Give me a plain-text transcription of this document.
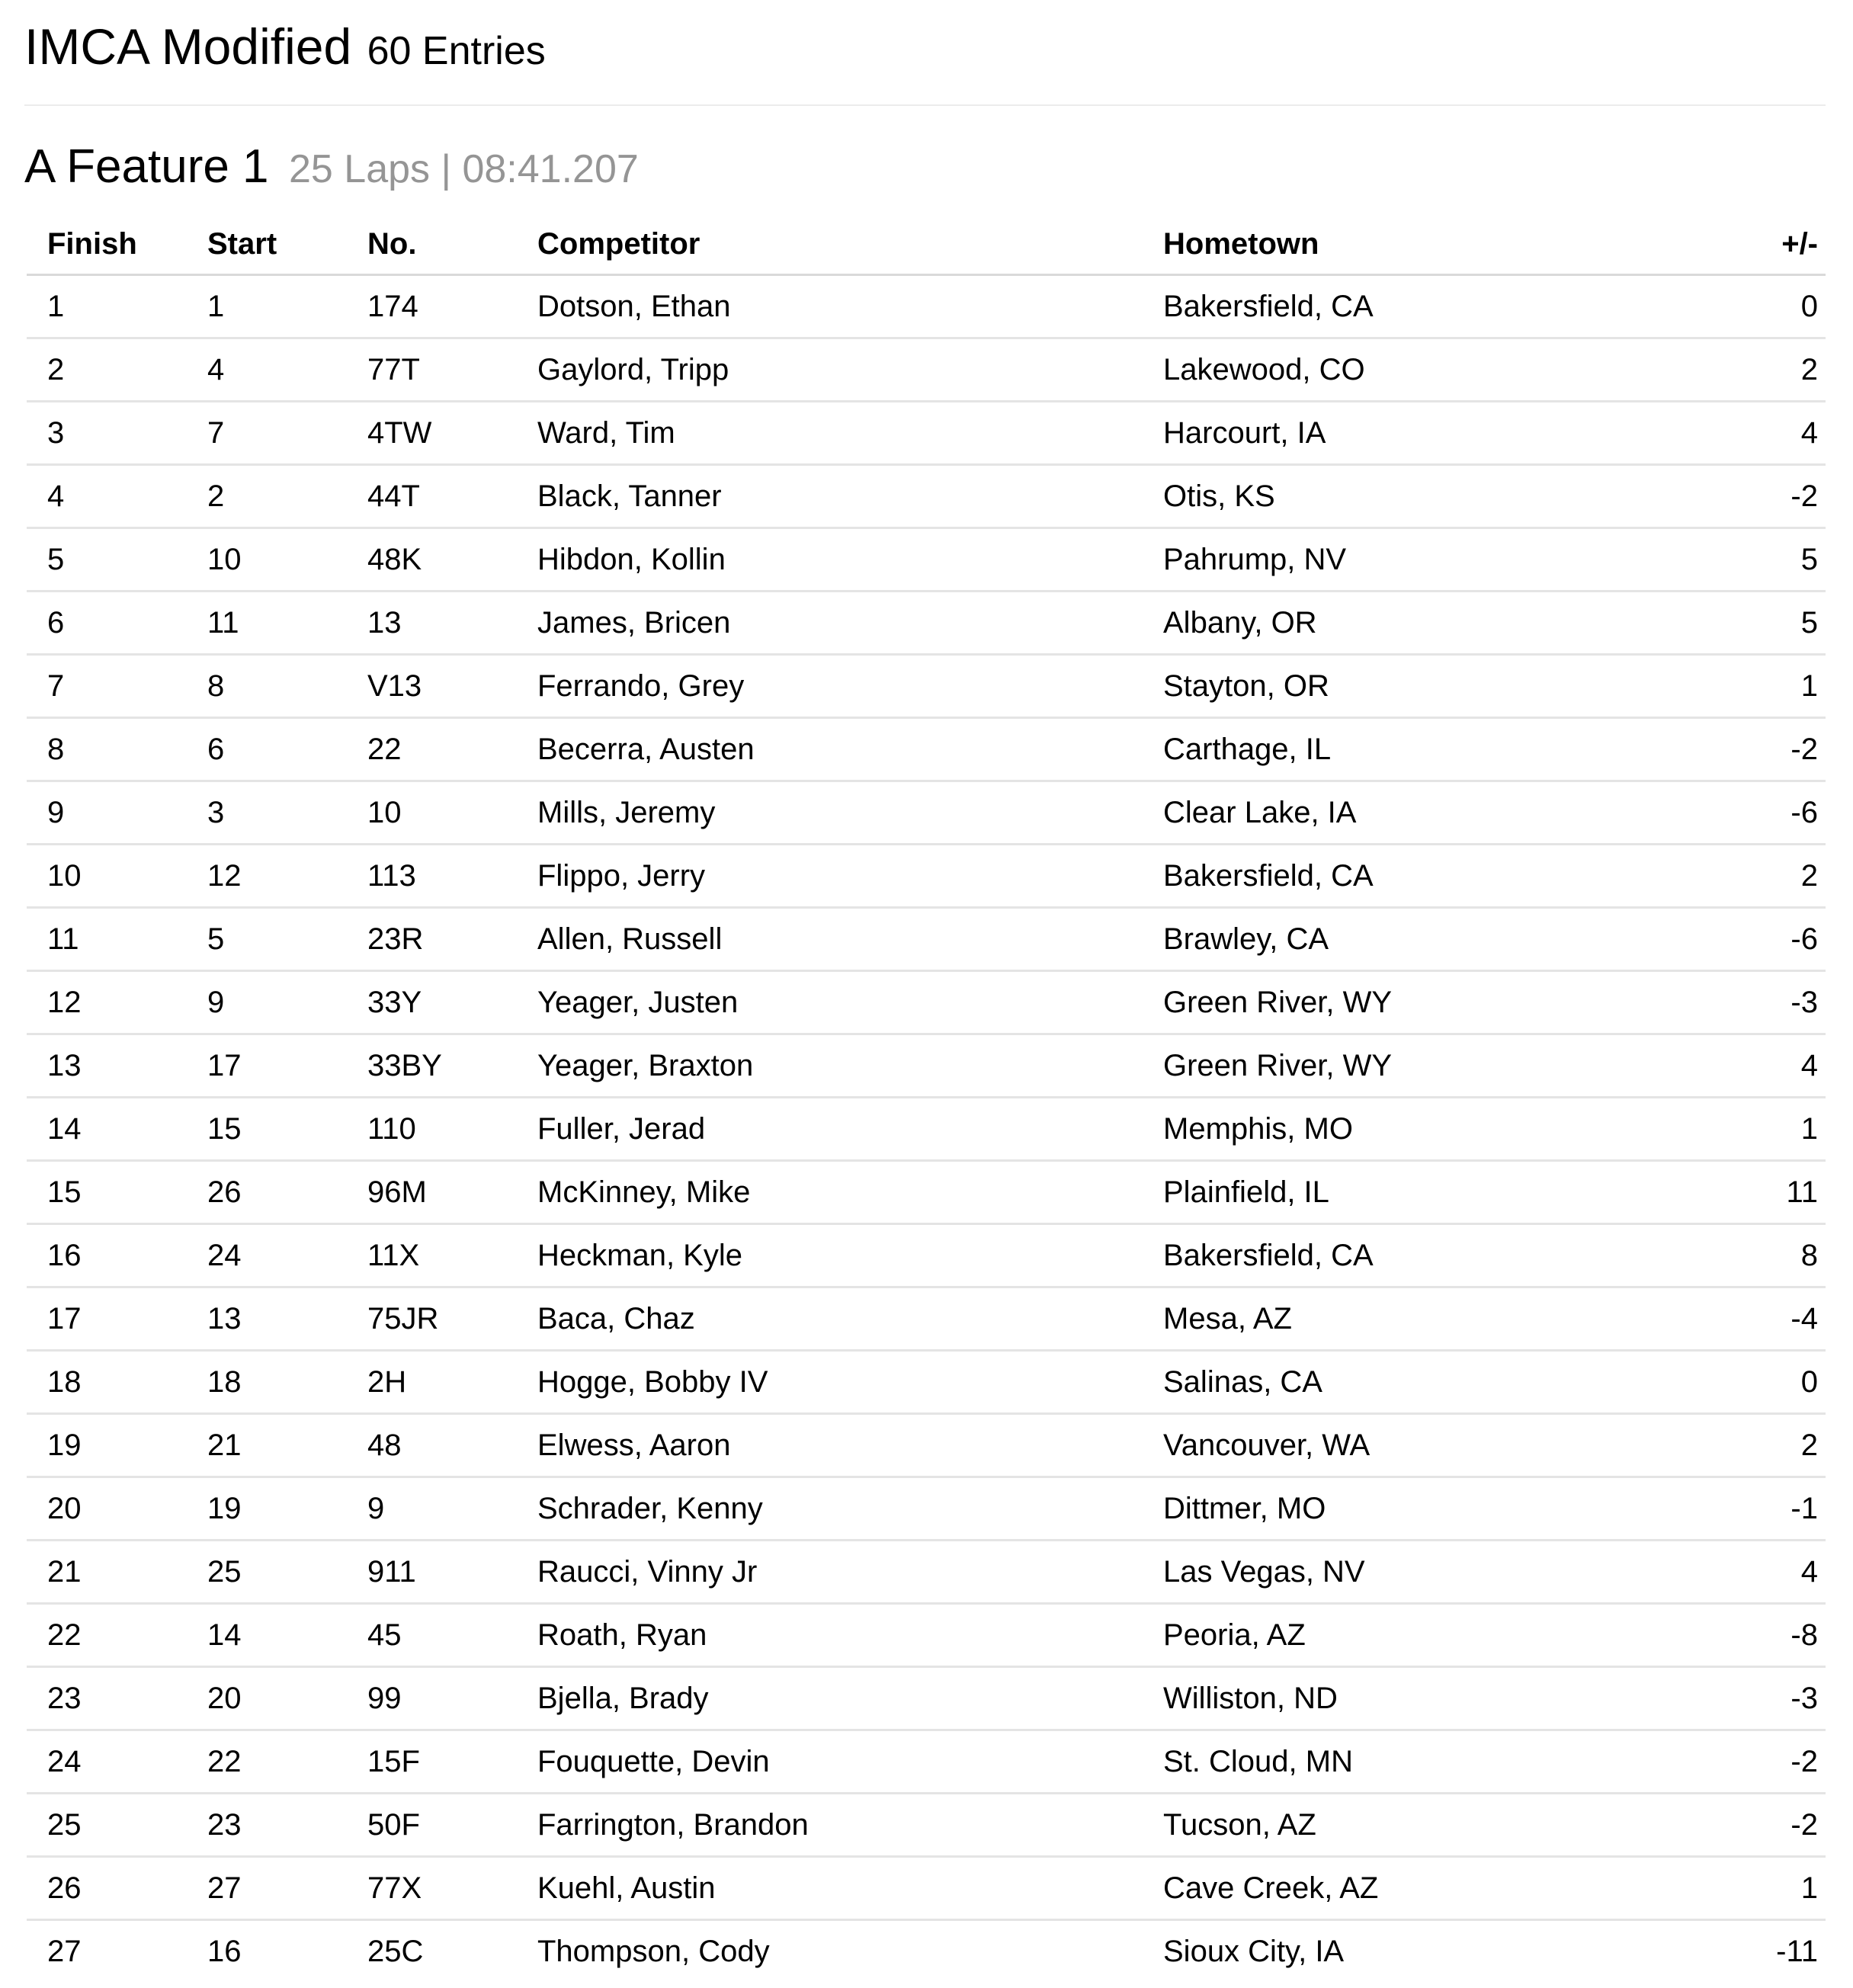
IMCA Modified 60 Entries
A Feature 1 25 Laps | 08:41.207
Finish	Start	No.	Competitor	Hometown	+/-
1	1	174	Dotson, Ethan	Bakersfield, CA	0
2	4	77T	Gaylord, Tripp	Lakewood, CO	2
3	7	4TW	Ward, Tim	Harcourt, IA	4
4	2	44T	Black, Tanner	Otis, KS	-2
5	10	48K	Hibdon, Kollin	Pahrump, NV	5
6	11	13	James, Bricen	Albany, OR	5
7	8	V13	Ferrando, Grey	Stayton, OR	1
8	6	22	Becerra, Austen	Carthage, IL	-2
9	3	10	Mills, Jeremy	Clear Lake, IA	-6
10	12	113	Flippo, Jerry	Bakersfield, CA	2
11	5	23R	Allen, Russell	Brawley, CA	-6
12	9	33Y	Yeager, Justen	Green River, WY	-3
13	17	33BY	Yeager, Braxton	Green River, WY	4
14	15	110	Fuller, Jerad	Memphis, MO	1
15	26	96M	McKinney, Mike	Plainfield, IL	11
16	24	11X	Heckman, Kyle	Bakersfield, CA	8
17	13	75JR	Baca, Chaz	Mesa, AZ	-4
18	18	2H	Hogge, Bobby IV	Salinas, CA	0
19	21	48	Elwess, Aaron	Vancouver, WA	2
20	19	9	Schrader, Kenny	Dittmer, MO	-1
21	25	911	Raucci, Vinny Jr	Las Vegas, NV	4
22	14	45	Roath, Ryan	Peoria, AZ	-8
23	20	99	Bjella, Brady	Williston, ND	-3
24	22	15F	Fouquette, Devin	St. Cloud, MN	-2
25	23	50F	Farrington, Brandon	Tucson, AZ	-2
26	27	77X	Kuehl, Austin	Cave Creek, AZ	1
27	16	25C	Thompson, Cody	Sioux City, IA	-11
